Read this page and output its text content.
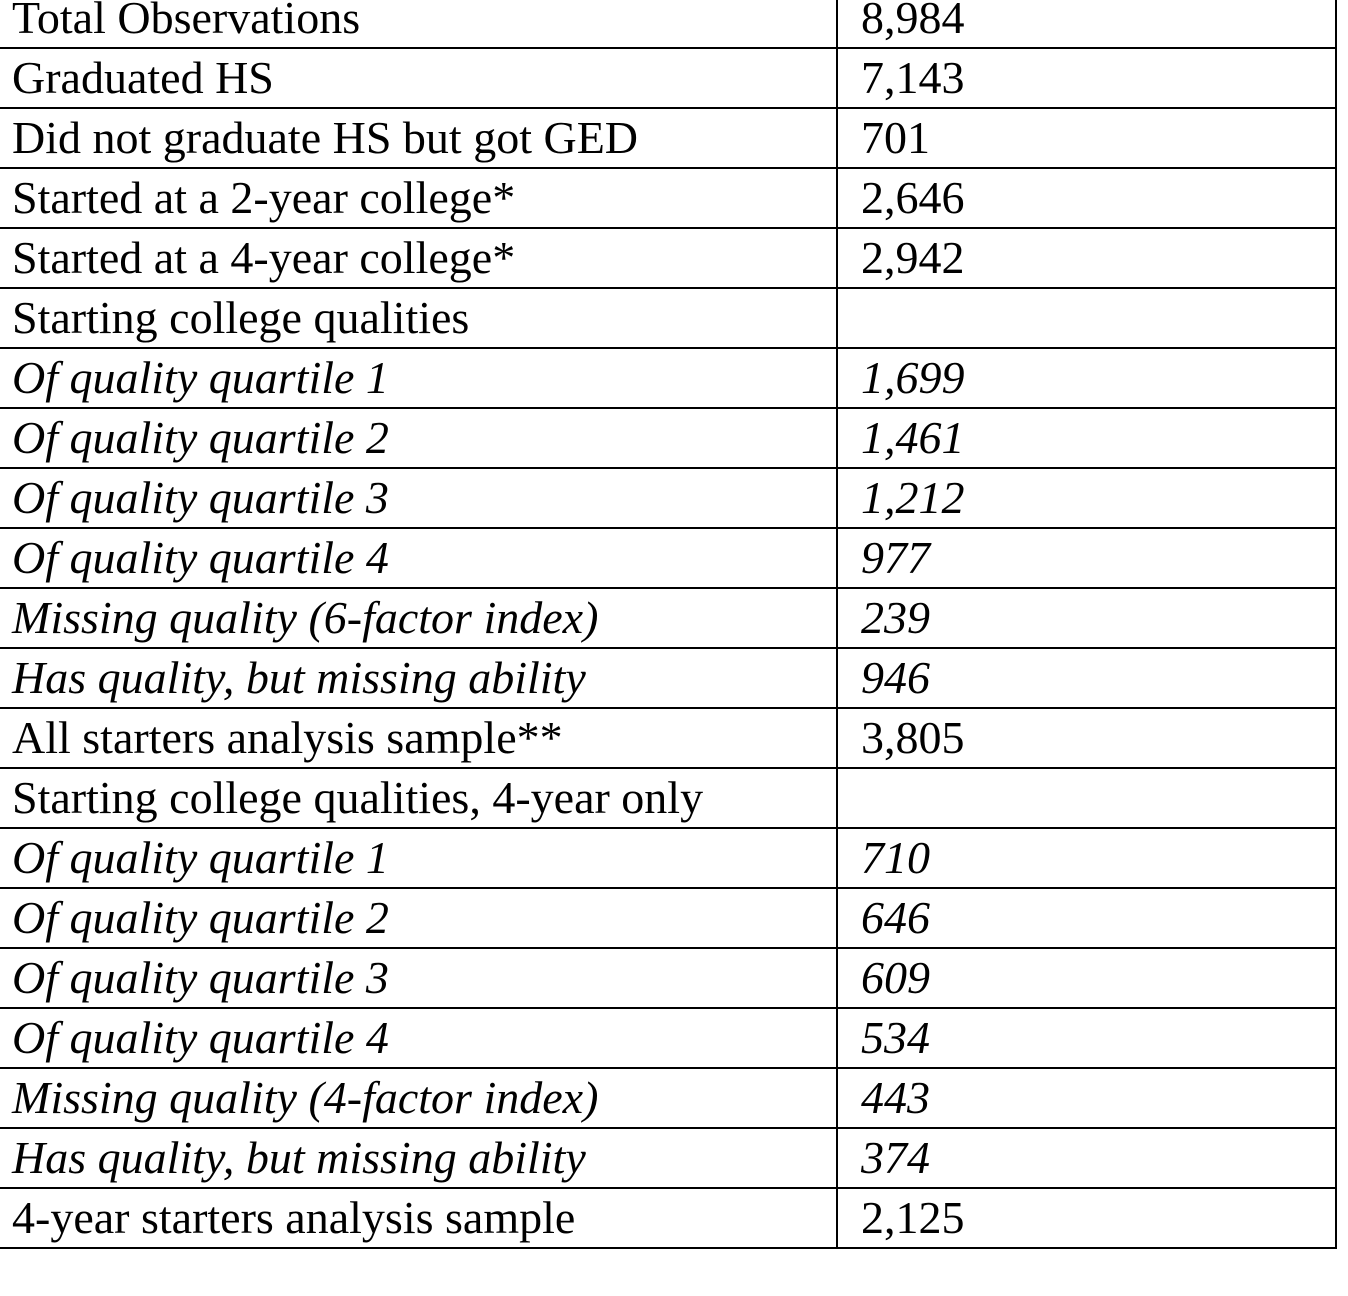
Total Observations	8,984
Graduated HS	7,143
Did not graduate HS but got GED	701
Started at a 2-year college*	2,646
Started at a 4-year college*	2,942
Starting college qualities	
Of quality quartile 1	1,699
Of quality quartile 2	1,461
Of quality quartile 3	1,212
Of quality quartile 4	977
Missing quality (6-factor index)	239
Has quality, but missing ability	946
All starters analysis sample**	3,805
Starting college qualities, 4-year only	
Of quality quartile 1	710
Of quality quartile 2	646
Of quality quartile 3	609
Of quality quartile 4	534
Missing quality (4-factor index)	443
Has quality, but missing ability	374
4-year starters analysis sample	2,125
